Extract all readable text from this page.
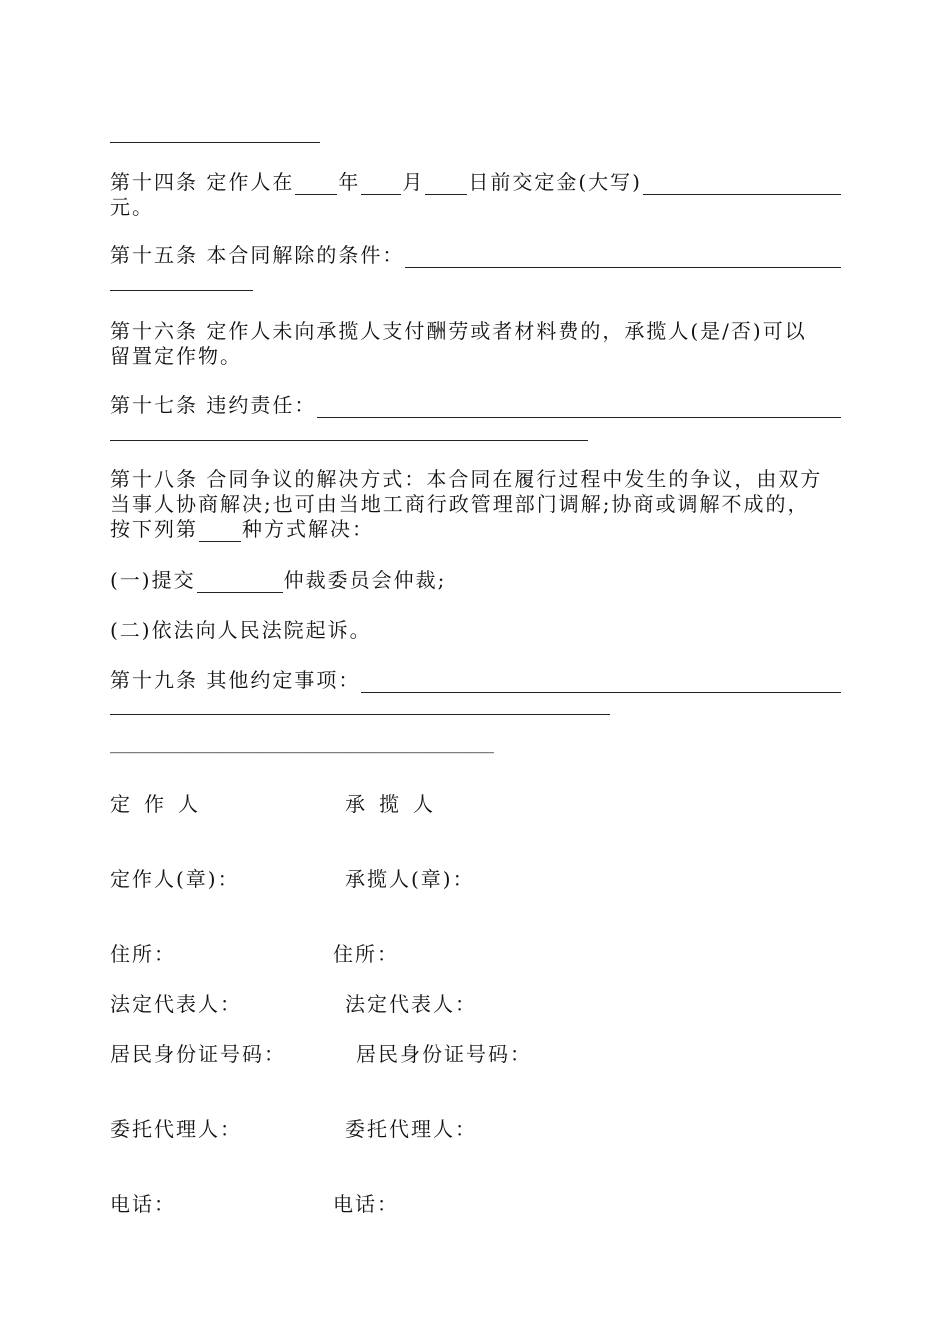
第十四条 定作人在 年 月 日前交定金(大写)
元。
第十五条 本合同解除的条件：
第十六条 定作人未向承揽人支付酬劳或者材料费的，承揽人(是/否)可以
留置定作物。
第十七条 违约责任：
第十八条 合同争议的解决方式：本合同在履行过程中发生的争议，由双方
当事人协商解决;也可由当地工商行政管理部门调解;协商或调解不成的，
按下列第 种方式解决：
(一)提交	仲裁委员会仲裁;
(二)依法向人民法院起诉。
第十九条 其他约定事项：
_______________________________________
定作人	承揽人
定作人(章)：	承揽人(章)：
住所：	住所：
法定代表人：	法定代表人：
居民身份证号码：	居民身份证号码：
委托代理人：	委托代理人：
电话：	电话：
